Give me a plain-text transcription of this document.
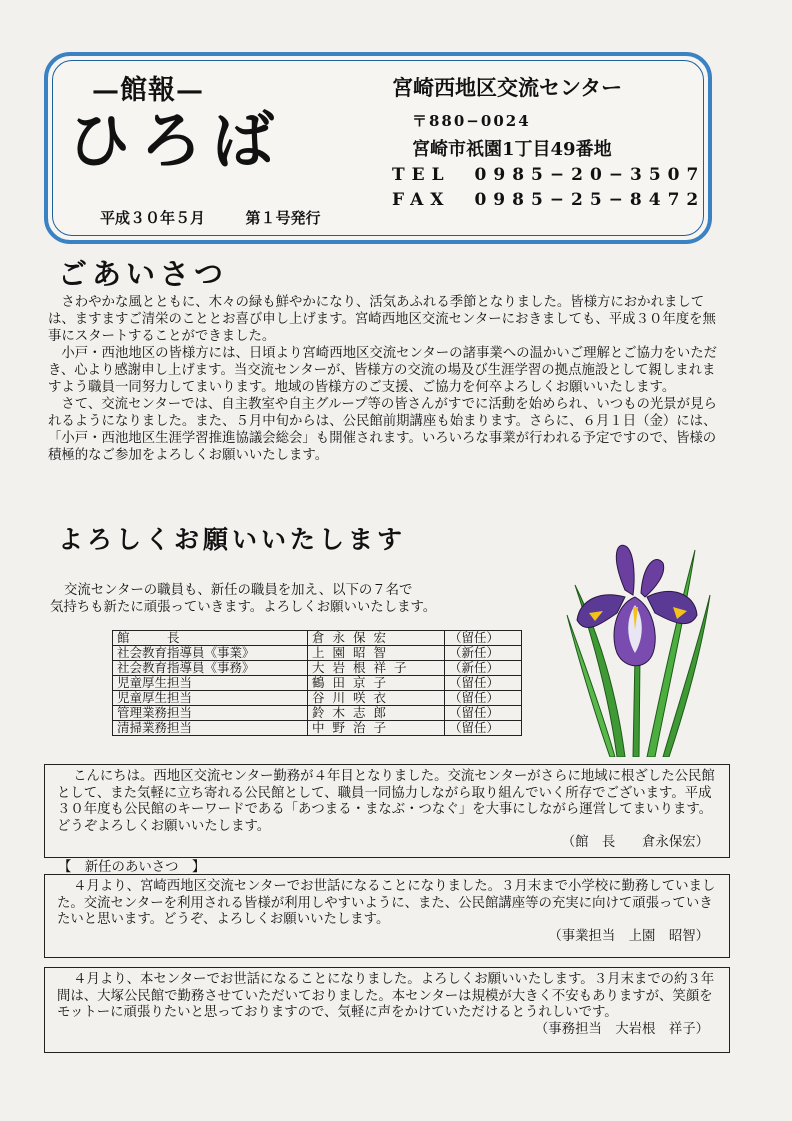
—館報—
ひろば
平成３０年５月	第１号発行
宮崎西地区交流センター
〒880−0024
宮崎市祇園1丁目49番地
TEL　0985−20−3507
FAX　0985−25−8472
ごあいさつ

さわやかな風とともに、木々の緑も鮮やかになり、活気あふれる季節となりました。皆様方におかれましては、ますますご清栄のこととお喜び申し上げます。宮崎西地区交流センターにおきましても、平成３０年度を無事にスタートすることができました。

小戸・西池地区の皆様方には、日頃より宮崎西地区交流センターの諸事業への温かいご理解とご協力をいただき、心より感謝申し上げます。当交流センターが、皆様方の交流の場及び生涯学習の拠点施設として親しまれますよう職員一同努力してまいります。地域の皆様方のご支援、ご協力を何卒よろしくお願いいたします。

さて、交流センターでは、自主教室や自主グループ等の皆さんがすでに活動を始められ、いつもの光景が見られるようになりました。また、５月中旬からは、公民館前期講座も始まります。さらに、６月１日（金）には、「小戸・西池地区生涯学習推進協議会総会」も開催されます。いろいろな事業が行われる予定ですので、皆様の積極的なご参加をよろしくお願いいたします。

よろしくお願いいたします
交流センターの職員も、新任の職員を加え、以下の７名で
気持ちも新たに頑張っていきます。よろしくお願いいたします。
館　　　長	倉永保宏	（留任）
社会教育指導員《事業》	上園昭智	（新任）
社会教育指導員《事務》	大岩根祥子	（新任）
児童厚生担当	鶴田京子	（留任）
児童厚生担当	谷川咲衣	（留任）
管理業務担当	鈴木志郎	（留任）
清掃業務担当	中野治子	（留任）

こんにちは。西地区交流センター勤務が４年目となりました。交流センターがさらに地域に根ざした公民館として、また気軽に立ち寄れる公民館として、職員一同協力しながら取り組んでいく所存でございます。平成３０年度も公民館のキーワードである「あつまる・まなぶ・つなぐ」を大事にしながら運営してまいります。どうぞよろしくお願いいたします。

（館　長　　倉永保宏）
【　新任のあいさつ　】

４月より、宮崎西地区交流センターでお世話になることになりました。３月末まで小学校に勤務していました。交流センターを利用される皆様が利用しやすいように、また、公民館講座等の充実に向けて頑張っていきたいと思います。どうぞ、よろしくお願いいたします。

（事業担当　上園　昭智）

４月より、本センターでお世話になることになりました。よろしくお願いいたします。３月末までの約３年間は、大塚公民館で勤務させていただいておりました。本センターは規模が大きく不安もありますが、笑顔をモットーに頑張りたいと思っておりますので、気軽に声をかけていただけるとうれしいです。

（事務担当　大岩根　祥子）
